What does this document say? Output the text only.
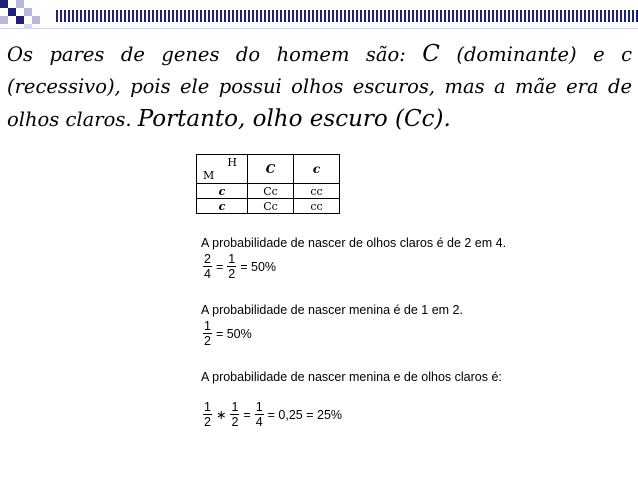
Os pares de genes do homem são: C (dominante) e c (recessivo), pois ele possui olhos escuros, mas a mãe era de olhos claros. Portanto, olho escuro (Cc).
H
M	C	c
c	Cc	cc
c	Cc	cc
A probabilidade de nascer de olhos claros é de 2 em 4.
$\frac{2}{4} = \frac{1}{2} = 50\%$
A probabilidade de nascer menina é de 1 em 2.
$\frac{1}{2} = 50\%$
A probabilidade de nascer menina e de olhos claros é:
$\frac{1}{2}$ ∗ $\frac{1}{2} = \frac{1}{4} = 0,25 = 25\%$
